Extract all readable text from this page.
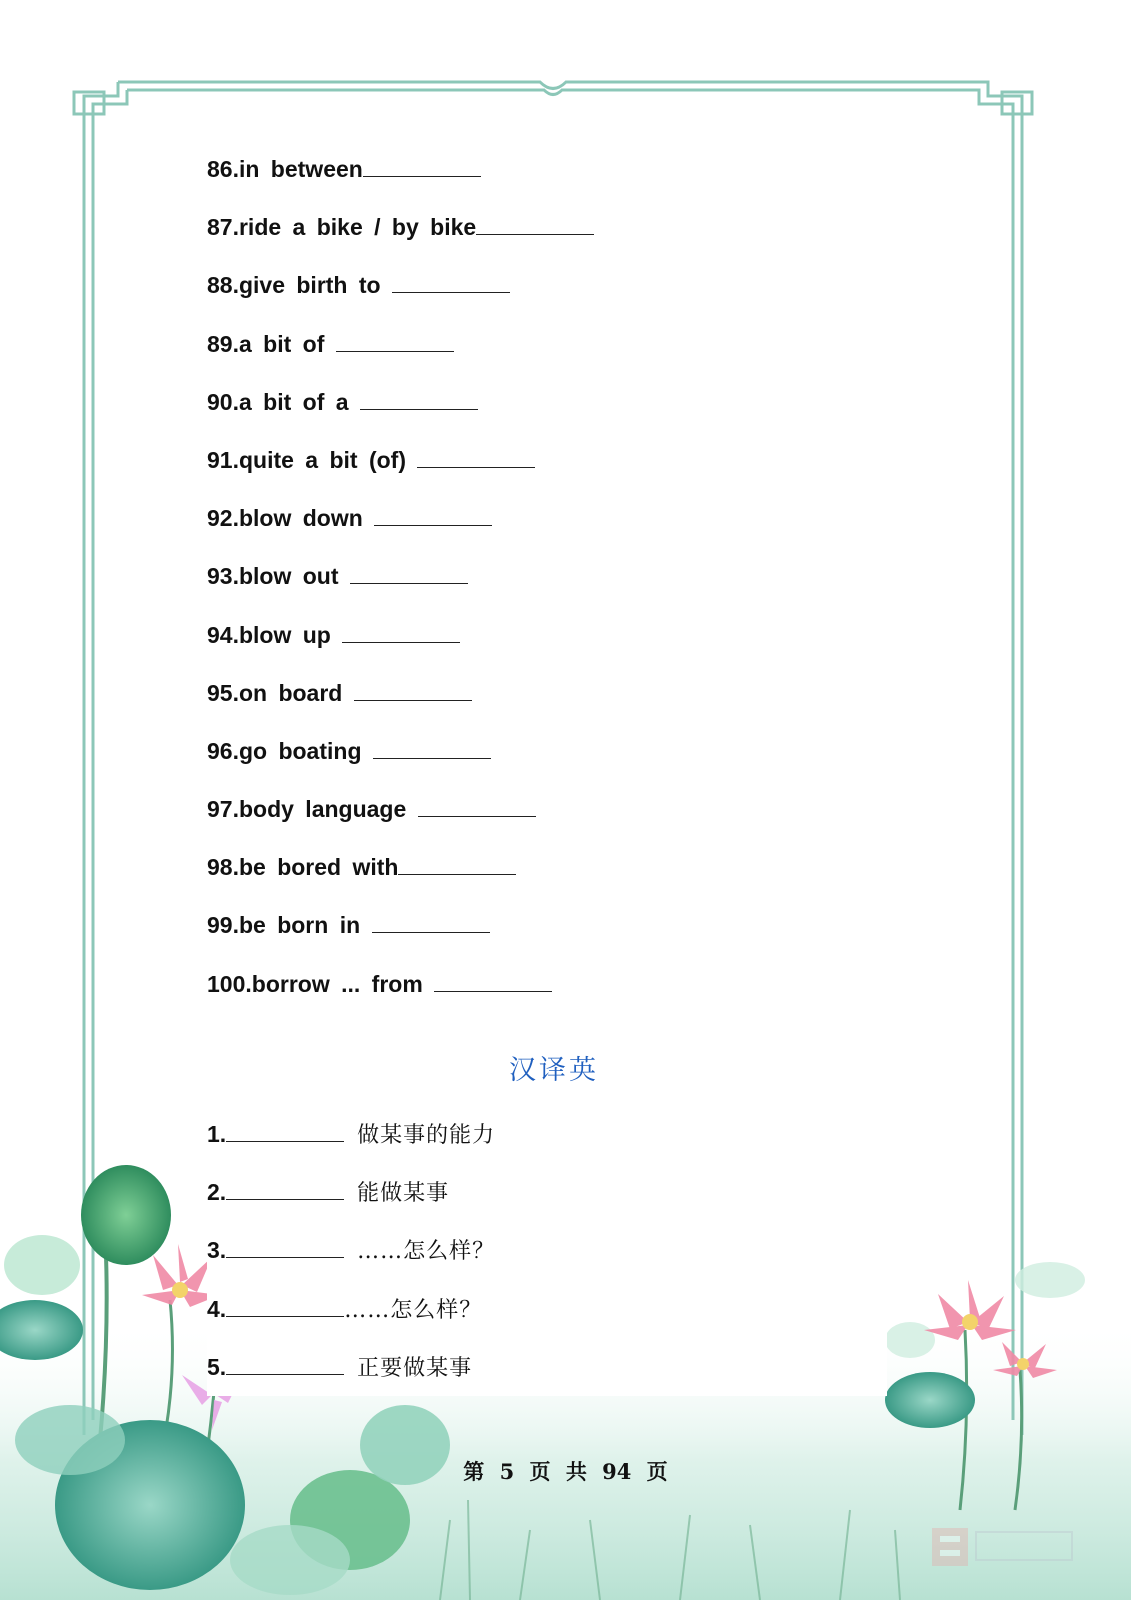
86.in between
87.ride a bike / by bike
88.give birth to
89.a bit of
90.a bit of a
91.quite a bit (of)
92.blow down
93.blow out
94.blow up
95.on board
96.go boating
97.body language
98.be bored with
99.be born in
100.borrow ... from
汉译英
1.	做某事的能力
2.	能做某事
3.	……怎么样？
4.	……怎么样？
5.	正要做某事
第 5 页 共 94 页
